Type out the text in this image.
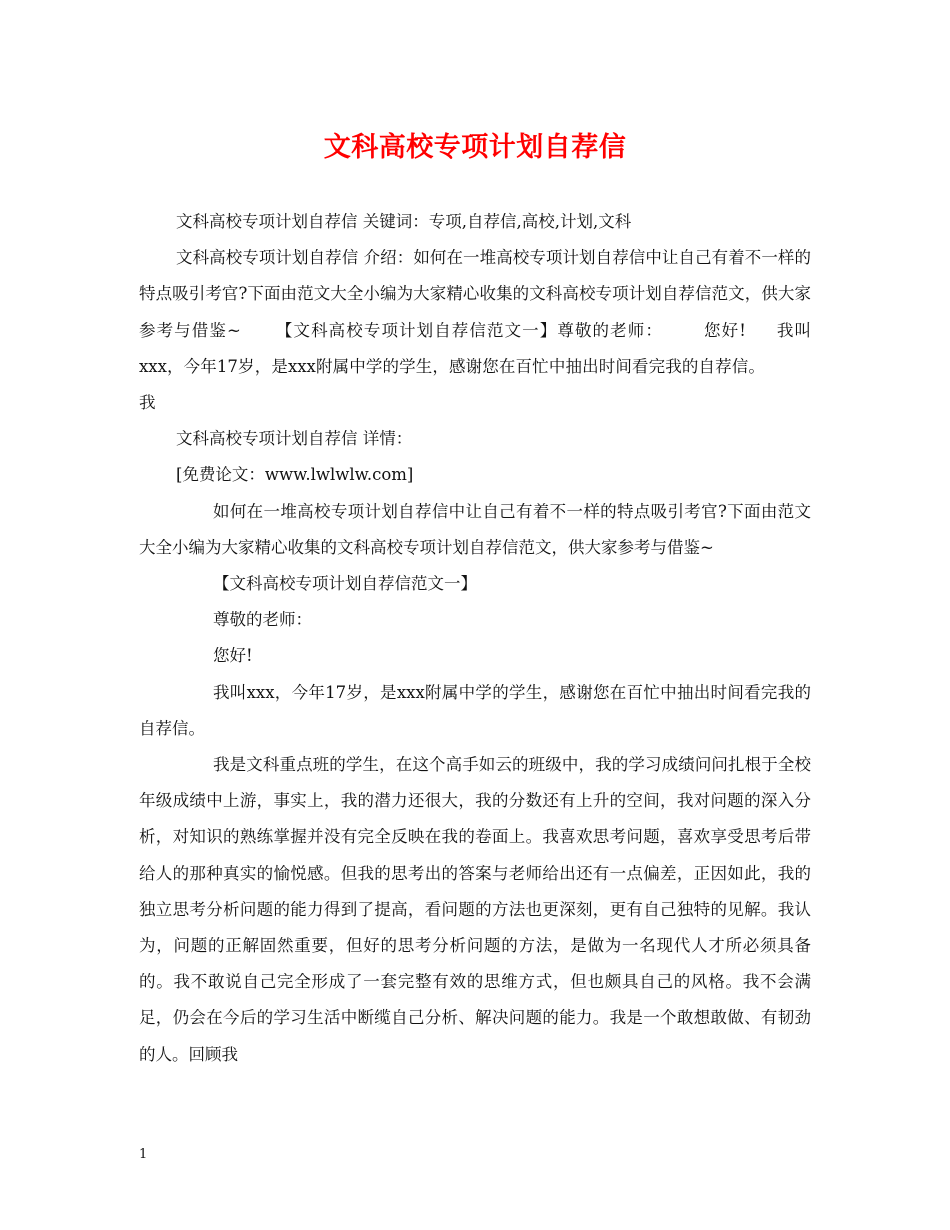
文科高校专项计划自荐信

文科高校专项计划自荐信 关键词：专项,自荐信,高校,计划,文科

文科高校专项计划自荐信 介绍：如何在一堆高校专项计划自荐信中让自己有着不一样的特点吸引考官?下面由范文大全小编为大家精心收集的文科高校专项计划自荐信范文，供大家参考与借鉴~ 【文科高校专项计划自荐信范文一】尊敬的老师： 您好! 我叫xxx，今年17岁，是xxx附属中学的学生，感谢您在百忙中抽出时间看完我的自荐信。我

文科高校专项计划自荐信 详情：

[免费论文：www.lwlwlw.com]

如何在一堆高校专项计划自荐信中让自己有着不一样的特点吸引考官?下面由范文大全小编为大家精心收集的文科高校专项计划自荐信范文，供大家参考与借鉴~

【文科高校专项计划自荐信范文一】

尊敬的老师：

您好!

我叫xxx，今年17岁，是xxx附属中学的学生，感谢您在百忙中抽出时间看完我的自荐信。

我是文科重点班的学生，在这个高手如云的班级中，我的学习成绩问问扎根于全校年级成绩中上游，事实上，我的潜力还很大，我的分数还有上升的空间，我对问题的深入分析，对知识的熟练掌握并没有完全反映在我的卷面上。我喜欢思考问题，喜欢享受思考后带给人的那种真实的愉悦感。但我的思考出的答案与老师给出还有一点偏差，正因如此，我的独立思考分析问题的能力得到了提高，看问题的方法也更深刻，更有自己独特的见解。我认为，问题的正解固然重要，但好的思考分析问题的方法，是做为一名现代人才所必须具备的。我不敢说自己完全形成了一套完整有效的思维方式，但也颇具自己的风格。我不会满足，仍会在今后的学习生活中断缆自己分析、解决问题的能力。我是一个敢想敢做、有韧劲的人。回顾我

1
